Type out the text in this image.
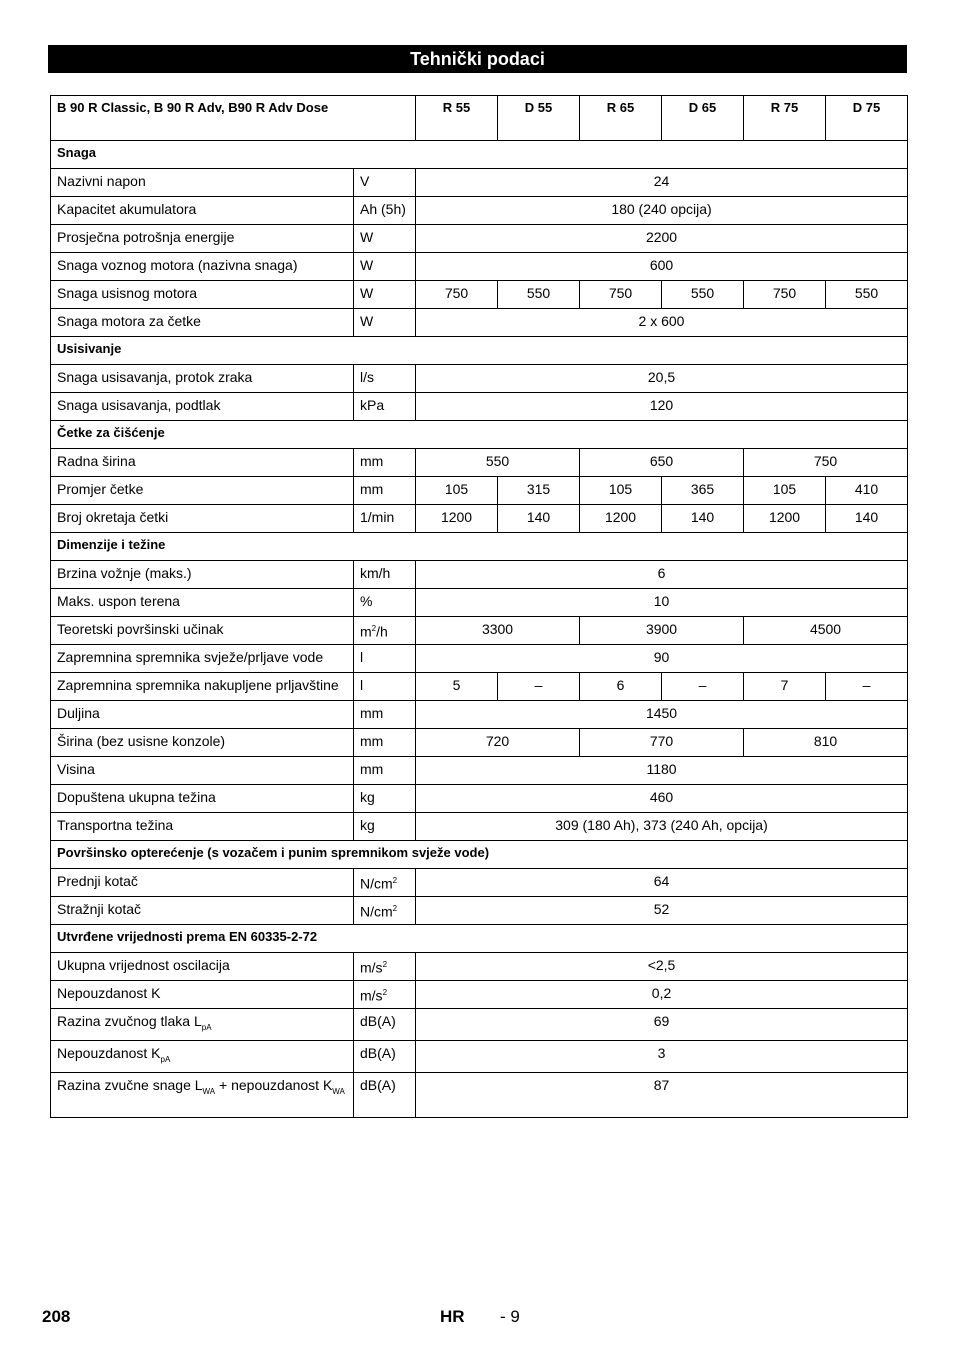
Tehnički podaci
B 90 R Classic, B 90 R Adv, B90 R Adv Dose		R 55	D 55	R 65	D 65	R 75	D 75
Snaga							
Nazivni napon	V	24					
Kapacitet akumulatora	Ah (5h)	180 (240 opcija)					
Prosječna potrošnja energije	W	2200					
Snaga voznog motora (nazivna snaga)	W	600					
Snaga usisnog motora	W	750	550	750	550	750	550
Snaga motora za četke	W	2 x 600					
Usisivanje							
Snaga usisavanja, protok zraka	l/s	20,5					
Snaga usisavanja, podtlak	kPa	120					
Četke za čišćenje							
Radna širina	mm	550		650		750	
Promjer četke	mm	105	315	105	365	105	410
Broj okretaja četki	1/min	1200	140	1200	140	1200	140
Dimenzije i težine							
Brzina vožnje (maks.)	km/h	6					
Maks. uspon terena	%	10					
Teoretski površinski učinak	$m^2/h$	3300		3900		4500	
Zapremnina spremnika svježe/prljave vode	l	90					
Zapremnina spremnika nakupljene prljavštine	l	5	–	6	–	7	–
Duljina	mm	1450					
Širina (bez usisne konzole)	mm	720		770		810	
Visina	mm	1180					
Dopuštena ukupna težina	kg	460					
Transportna težina	kg	309 (180 Ah), 373 (240 Ah, opcija)					
Površinsko opterećenje (s vozačem i punim spremnikom svježe vode)							
Prednji kotač	$N/cm^2$	64					
Stražnji kotač	$N/cm^2$	52					
Utvrđene vrijednosti prema EN 60335-2-72							
Ukupna vrijednost oscilacija	$m/s^2$	<2,5					
Nepouzdanost K	$m/s^2$	0,2					
Razina zvučnog tlaka $L_{pA}$	dB(A)	69					
Nepouzdanost $K_{pA}$	dB(A)	3					
Razina zvučne snage $L_{WA}$ + nepouzdanost $K_{WA}$	dB(A)	87					
208	HR - 9
